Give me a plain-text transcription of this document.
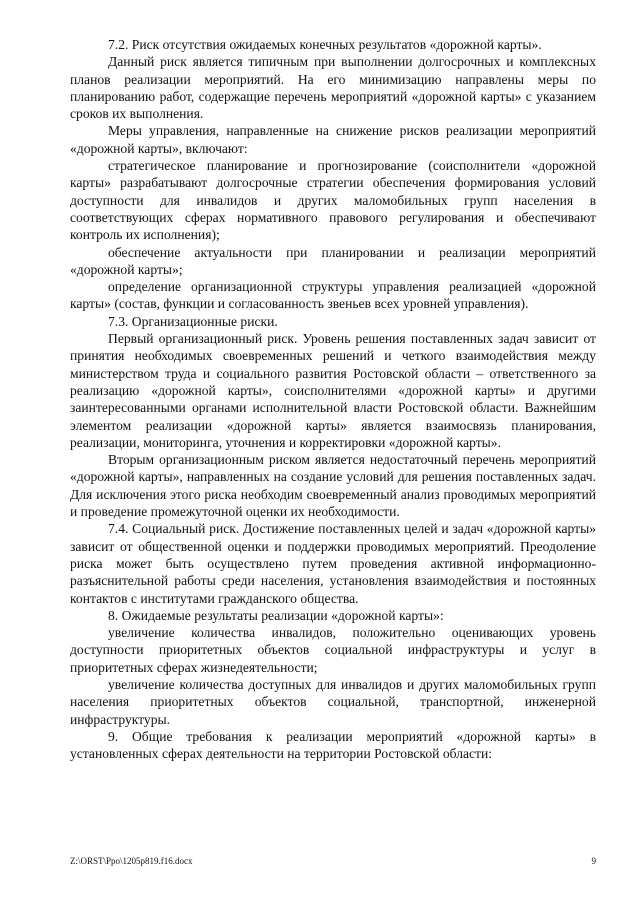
7.2. Риск отсутствия ожидаемых конечных результатов «дорожной карты».

Данный риск является типичным при выполнении долгосрочных и комплексных планов реализации мероприятий. На его минимизацию направлены меры по планированию работ, содержащие перечень мероприятий «дорожной карты» с указанием сроков их выполнения.

Меры управления, направленные на снижение рисков реализации мероприятий «дорожной карты», включают:

стратегическое планирование и прогнозирование (соисполнители «дорожной карты» разрабатывают долгосрочные стратегии обеспечения формирования условий доступности для инвалидов и других маломобильных групп населения в соответствующих сферах нормативного правового регулирования и обеспечивают контроль их исполнения);

обеспечение актуальности при планировании и реализации мероприятий «дорожной карты»;

определение организационной структуры управления реализацией «дорожной карты» (состав, функции и согласованность звеньев всех уровней управления).

7.3. Организационные риски.

Первый организационный риск. Уровень решения поставленных задач зависит от принятия необходимых своевременных решений и четкого взаимодействия между министерством труда и социального развития Ростовской области – ответственного за реализацию «дорожной карты», соисполнителями «дорожной карты» и другими заинтересованными органами исполнительной власти Ростовской области. Важнейшим элементом реализации «дорожной карты» является взаимосвязь планирования, реализации, мониторинга, уточнения и корректировки «дорожной карты».

Вторым организационным риском является недостаточный перечень мероприятий «дорожной карты», направленных на создание условий для решения поставленных задач. Для исключения этого риска необходим своевременный анализ проводимых мероприятий и проведение промежуточной оценки их необходимости.

7.4. Социальный риск. Достижение поставленных целей и задач «дорожной карты» зависит от общественной оценки и поддержки проводимых мероприятий. Преодоление риска может быть осуществлено путем проведения активной информационно-разъяснительной работы среди населения, установления взаимодействия и постоянных контактов с институтами гражданского общества.

8. Ожидаемые результаты реализации «дорожной карты»:

увеличение количества инвалидов, положительно оценивающих уровень доступности приоритетных объектов социальной инфраструктуры и услуг в приоритетных сферах жизнедеятельности;

увеличение количества доступных для инвалидов и других маломобильных групп населения приоритетных объектов социальной, транспортной, инженерной инфраструктуры.

9. Общие требования к реализации мероприятий «дорожной карты» в установленных сферах деятельности на территории Ростовской области:

Z:\ORST\Ppo\1205p819.f16.docx	9
